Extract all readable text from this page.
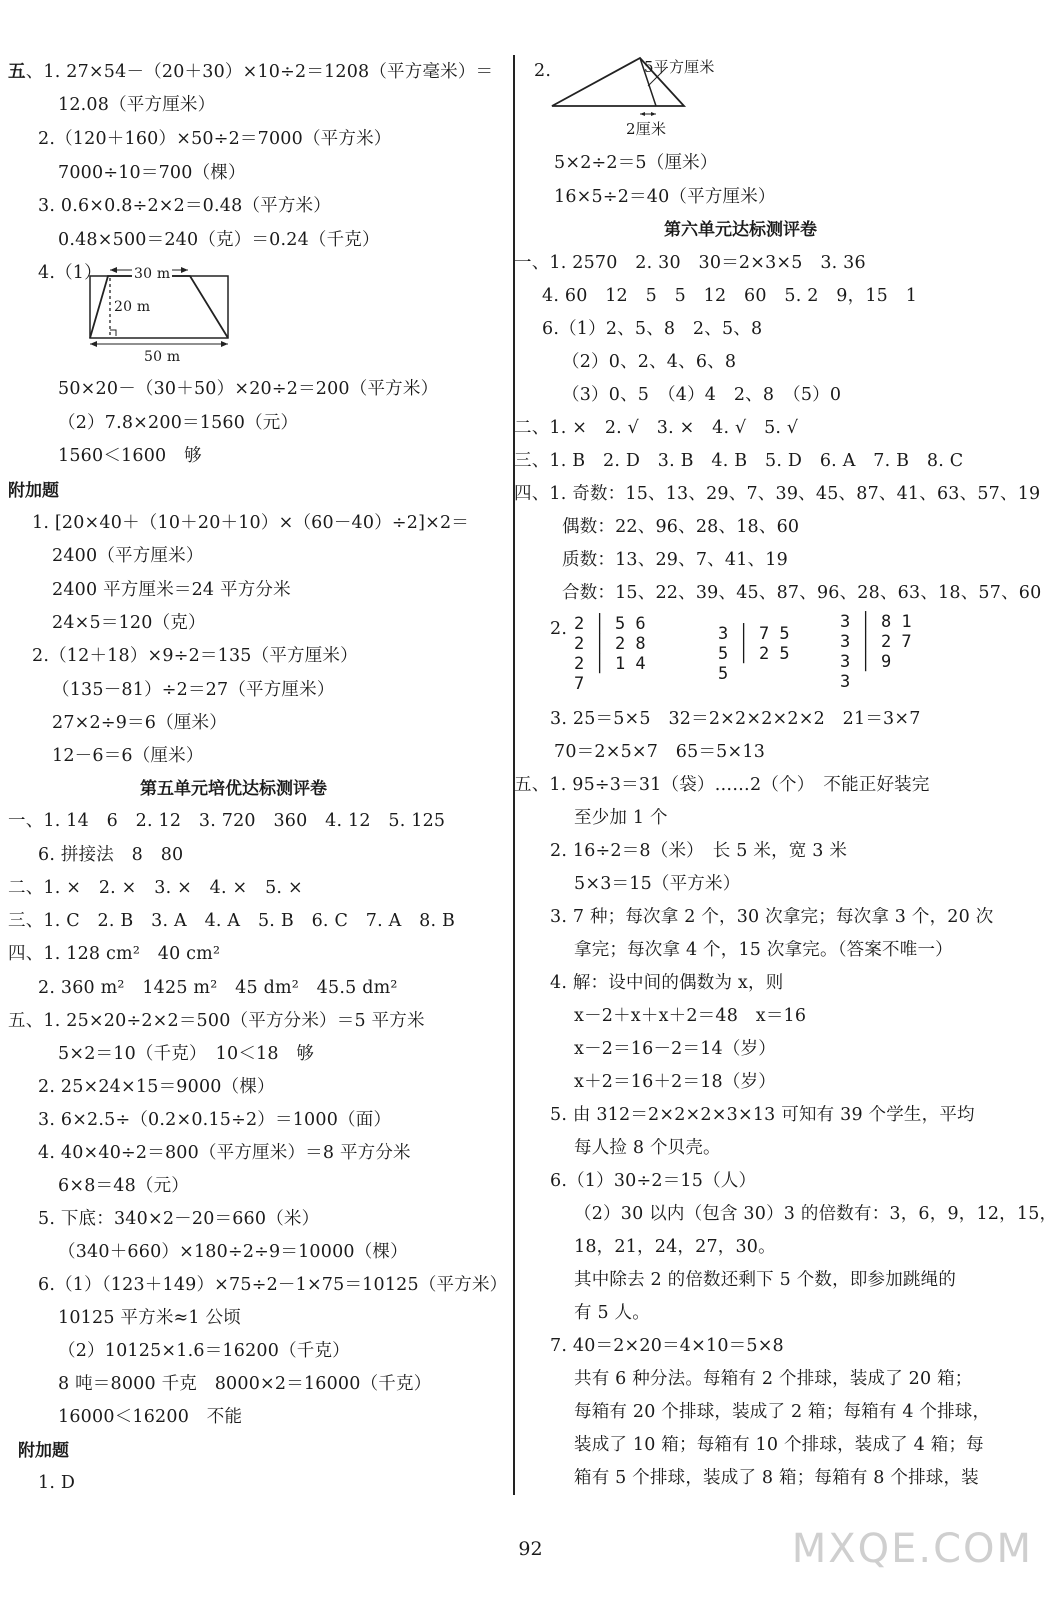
五、1. 27×54－（20＋30）×10÷2＝1208（平方毫米）＝
12.08（平方厘米）
2.（120＋160）×50÷2＝7000（平方米）
7000÷10＝700（棵）
3. 0.6×0.8÷2×2＝0.48（平方米）
0.48×500＝240（克）＝0.24（千克）
4.（1） 30 m
20 m
50 m
50×20－（30＋50）×20÷2＝200（平方米）
（2）7.8×200＝1560（元）
1560＜1600　够
附加题
1. [20×40＋（10＋20＋10）×（60－40）÷2]×2＝
2400（平方厘米）
2400 平方厘米＝24 平方分米
24×5＝120（克）
2.（12＋18）×9÷2＝135（平方厘米）
（135－81）÷2＝27（平方厘米）
27×2÷9＝6（厘米）
12－6＝6（厘米）
第五单元培优达标测评卷
一、1. 14　6　2. 12　3. 720　360　4. 12　5. 125
6. 拼接法　8　80
二、1. ×　2. ×　3. ×　4. ×　5. ×
三、1. C　2. B　3. A　4. A　5. B　6. C　7. A　8. B
四、1. 128 cm²　40 cm²
2. 360 m²　1425 m²　45 dm²　45.5 dm²
五、1. 25×20÷2×2＝500（平方分米）＝5 平方米
5×2＝10（千克）　10＜18　够
2. 25×24×15＝9000（棵）
3. 6×2.5÷（0.2×0.15÷2）＝1000（面）
4. 40×40÷2＝800（平方厘米）＝8 平方分米
6×8＝48（元）
5. 下底：340×2－20＝660（米）
（340＋660）×180÷2÷9＝10000（棵）
6.（1）（123＋149）×75÷2－1×75＝10125（平方米）
10125 平方米≈1 公顷
（2）10125×1.6＝16200（千克）
8 吨＝8000 千克　8000×2＝16000（千克）
16000＜16200　不能
附加题
1. D
2.	5平方厘米
2厘米
5×2÷2＝5（厘米）
16×5÷2＝40（平方厘米）
第六单元达标测评卷
一、1. 2570　2. 30　30＝2×3×5　3. 36
4. 60　12　5　5　12　60　5. 2　9，15　1
6.（1）2、5、8　2、5、8
（2）0、2、4、6、8
（3）0、5　（4）4　2、8　（5）0
二、1. ×　2. √　3. ×　4. √　5. √
三、1. B　2. D　3. B　4. B　5. D　6. A　7. B　8. C
四、1. 奇数：15、13、29、7、39、45、87、41、63、57、19
偶数：22、96、28、18、60
质数：13、29、7、41、19
合数：15、22、39、45、87、96、28、63、18、57、60
2. 2 │ 5 6
2 │ 2 8
2 │ 1 4
7
3 │ 7 5
5 │ 2 5
5
3 │ 8 1
3 │ 2 7
3 │ 9
3
3. 25＝5×5　32＝2×2×2×2×2　21＝3×7
70＝2×5×7　65＝5×13
五、1. 95÷3＝31（袋）……2（个）　不能正好装完
至少加 1 个
2. 16÷2＝8（米）　长 5 米，宽 3 米
5×3＝15（平方米）
3. 7 种；每次拿 2 个，30 次拿完；每次拿 3 个，20 次
拿完；每次拿 4 个，15 次拿完。（答案不唯一）
4. 解：设中间的偶数为 x，则
x－2＋x＋x＋2＝48　x＝16
x－2＝16－2＝14（岁）
x＋2＝16＋2＝18（岁）
5. 由 312＝2×2×2×3×13 可知有 39 个学生，平均
每人捡 8 个贝壳。
6.（1）30÷2＝15（人）
（2）30 以内（包含 30）3 的倍数有：3，6，9，12，15，
18，21，24，27，30。
其中除去 2 的倍数还剩下 5 个数，即参加跳绳的
有 5 人。
7. 40＝2×20＝4×10＝5×8
共有 6 种分法。每箱有 2 个排球，装成了 20 箱；
每箱有 20 个排球，装成了 2 箱；每箱有 4 个排球，
装成了 10 箱；每箱有 10 个排球，装成了 4 箱；每
箱有 5 个排球，装成了 8 箱；每箱有 8 个排球，装
92	MXQE.COM
